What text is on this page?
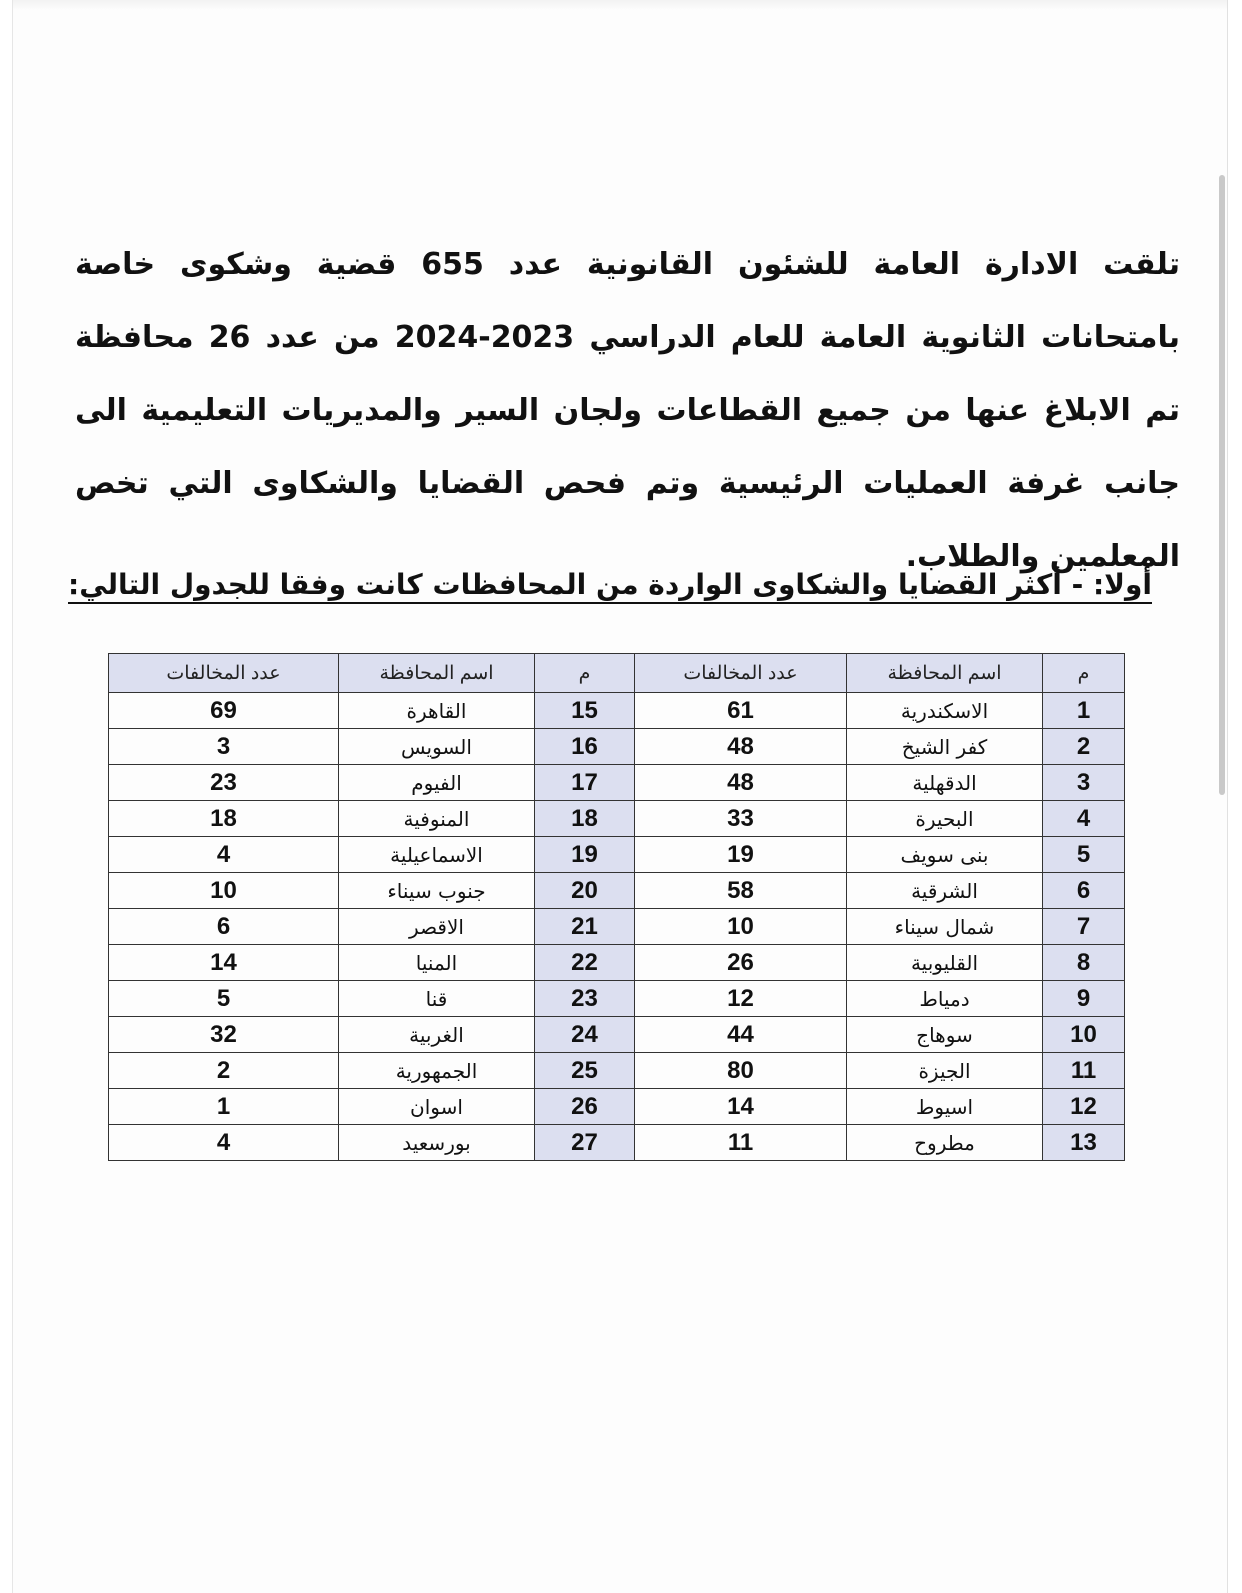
تلقت الادارة العامة للشئون القانونية عدد 655 قضية وشكوى خاصة بامتحانات الثانوية العامة للعام الدراسي 2023-2024 من عدد 26 محافظة تم الابلاغ عنها من جميع القطاعات ولجان السير والمديريات التعليمية الى جانب غرفة العمليات الرئيسية وتم فحص القضايا والشكاوى التي تخص المعلمين والطلاب.
أولا: - أكثر القضايا والشكاوى الواردة من المحافظات كانت وفقا للجدول التالي:
م	اسم المحافظة	عدد المخالفات	م	اسم المحافظة	عدد المخالفات
1	الاسكندرية	61	15	القاهرة	69
2	كفر الشيخ	48	16	السويس	3
3	الدقهلية	48	17	الفيوم	23
4	البحيرة	33	18	المنوفية	18
5	بنى سويف	19	19	الاسماعيلية	4
6	الشرقية	58	20	جنوب سيناء	10
7	شمال سيناء	10	21	الاقصر	6
8	القليوبية	26	22	المنيا	14
9	دمياط	12	23	قنا	5
10	سوهاج	44	24	الغربية	32
11	الجيزة	80	25	الجمهورية	2
12	اسيوط	14	26	اسوان	1
13	مطروح	11	27	بورسعيد	4
